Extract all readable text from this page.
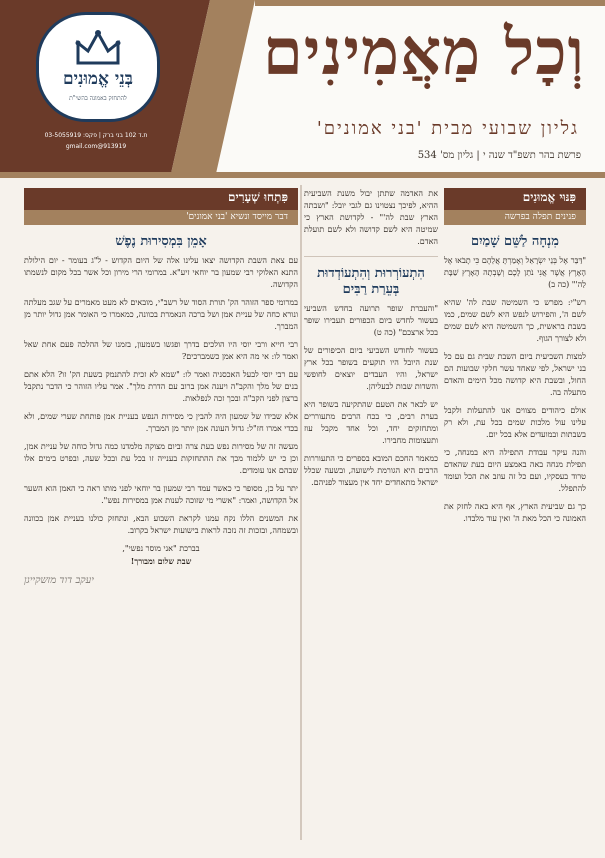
בְּנֵי אֱמוּנִים
להתחזק באמונה בהשי"ת
ת.ד 102 בני ברק | פקס: 03-5055919
913919@gmail.com
וְכָל מַאֲמִינִים
גליון שבועי מבית 'בני אמונים'
פרשת בהר תשפ"ד שנה י | גליון מס' 534
פִּנּוּי אֱמוּנִים
פנינים תפלה בפרשה
מִנְחָה לַשֵּׁם שָׁמַיִם

"דַּבֵּר אֶל בְּנֵי יִשְׂרָאֵל וְאָמַרְתָּ אֲלֵהֶם כִּי תָבֹאוּ אֶל הָאָרֶץ אֲשֶׁר אֲנִי נֹתֵן לָכֶם וְשָׁבְתָה הָאָרֶץ שַׁבָּת לַה'" (כה ב)

רש"י: מפרש כי השמיטה שבת לה' שהיא לשם ה', והפירוש לנפש היא לשם שמים, כמו בשבת בראשית, כך השמיטה היא לשם שמים ולא לצורך הגוף.

למצות השביעית ביום השבת שבית גם עם כל בני ישראל, לפי שאחד עשר חלקי שבועות הם החול, ובשבת היא קדושה מכל הימים והאדם מתעלה בה.

אולם כיהודים מצווים אנו להתעלות ולקבל עלינו עול מלכות שמים בכל עת, ולא רק בשבתות ובמועדים אלא בכל יום.

והנה עיקר עבודת התפילה היא במנחה, כי תפילת מנחה באה באמצע היום בעת שהאדם טרוד בעסקיו, ועם כל זה עוזב את הכל ועומד להתפלל.

כך גם שביעית הארץ, אף היא באה לחזק את האמונה כי הכל מאת ה' ואין עוד מלבדו.

את האדמה שתתן יבול משנת השביעית ההיא, לפיכך נצטוינו גם לגבי יובל: "ושבתה הארץ שבת לה'" - לקדושת הארץ כי שמיטה היא לשם קדושה ולא לשם תועלת האדם.

הִתְעוֹרְרוּת וְהִתְעוֹדְדוּת בְּעֵרַת רַבִּים

"והעברת שופר תרועה בחדש השביעי בעשור לחדש ביום הכפורים תעבירו שופר בכל ארצכם" (כה ט)

בעשור לחודש השביעי ביום הכיפורים של שנת היובל היו תוקעים בשופר בכל ארץ ישראל, והיו העבדים יוצאים לחופשי והשדות שבות לבעליהן.

יש לבאר את הטעם שהתקיעה בשופר היא בערת רבים, כי בכח הרבים מתעוררים ומתחזקים יחד, וכל אחד מקבל עוז ותעצומות מחבירו.

כמאמר החכם המובא בספרים כי התעוררות הרבים היא הגורמת לישועה, ובשעה שכלל ישראל מתאחדים יחד אין מעצור לפניהם.

פִּתְחוּ שְׁעָרִים
דבר מייסד ונשיא 'בני אמונים'
אָמֵן בִּמְסִירוּת נֶפֶשׁ

עם צאת השבת הקדושה יצאו עלינו אלה של היום הקדוש - ל"ג בעומר - יום הילולת התנא האלוקי רבי שמעון בר יוחאי זיע"א. במרומי הרי מירון וכל אשר בכל מקום לנשמתו הקדושה.

במרומי ספר הזוהר הק' תורת הסוד של רשב"י, מובאים לא מעט מאמרים על שגב מעלתה ונורא כחה של עניית אמן ושל ברכה הנאמרת בכוונה, כמאמרו כי האומר אמן גדול יותר מן המברך.

רבי חייא ורבי יוסי היו הולכים בדרך ופגשו בשמעון, בזמנו של ההלכה פעם אחת שאל ואמר לו: אי מה היא אמן כשמברכים?

עם רבי יוסי לבעל האכסניה ואמר לו: "שמא לא זכית להתנמק בשעת הק' זו? הלא אתם בנים של מלך והקב"ה ויענה אמן ברוב עם הדרת מלך". אמר עליו הזוהר כי הדבר נתקבל ברצון לפני הקב"ה ובכך זכה לנפלאות.

אלא שבידו של שמעון היה להבין כי מסירות הנפש בעניית אמן פותחת שערי שמים, ולא בכדי אמרו חז"ל: גדול העונה אמן יותר מן המברך.

מעשה זה של מסירות נפש בעת צרה וביום מצוקה מלמדנו כמה גדול כוחה של עניית אמן, וכן כי יש ללמוד מכך את ההתחזקות בענייה זו בכל עת ובכל שעה, ובפרט בימים אלו שבהם אנו עומדים.

יתר על כן, מסופר כי כאשר עמד רבי שמעון בר יוחאי לפני מותו ראה כי האמן הוא השער אל הקדושה, ואמר: "אשרי מי שזוכה לענות אמן במסירות נפש".

את המשנים הללו נקח עמנו לקראת השבוע הבא, ונתחזק כולנו בעניית אמן בכוונה ובשמחה, ובזכות זה נזכה לראות בישועות ישראל בקרוב.

בברכת "אני מוסר נפשי",

שבת שלום ומבורך!

יעקב דוד מזשקייגן
